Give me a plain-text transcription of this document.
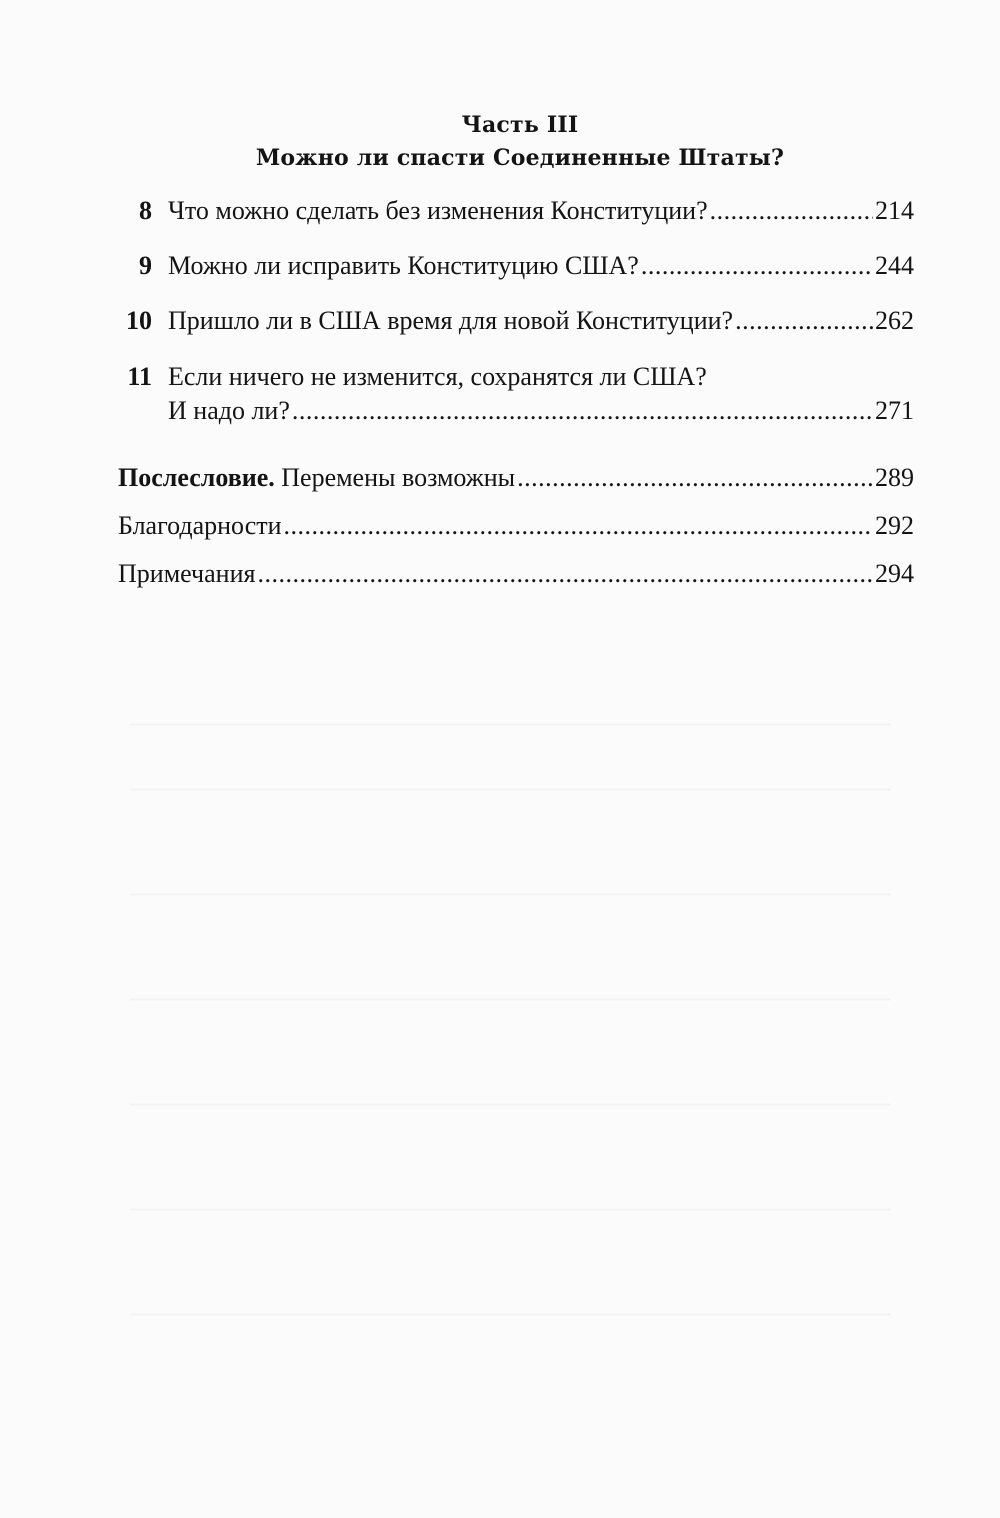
Часть III
Можно ли спасти Соединенные Штаты?
8 Что можно сделать без изменения Конституции? .....	214
9 Можно ли исправить Конституцию США? .....	244
10 Пришло ли в США время для новой Конституции? .....	262
11 Если ничего не изменится, сохранятся ли США?
И надо ли? .....	271
Послесловие. Перемены возможны .....	289
Благодарности .....	292
Примечания .....	294
